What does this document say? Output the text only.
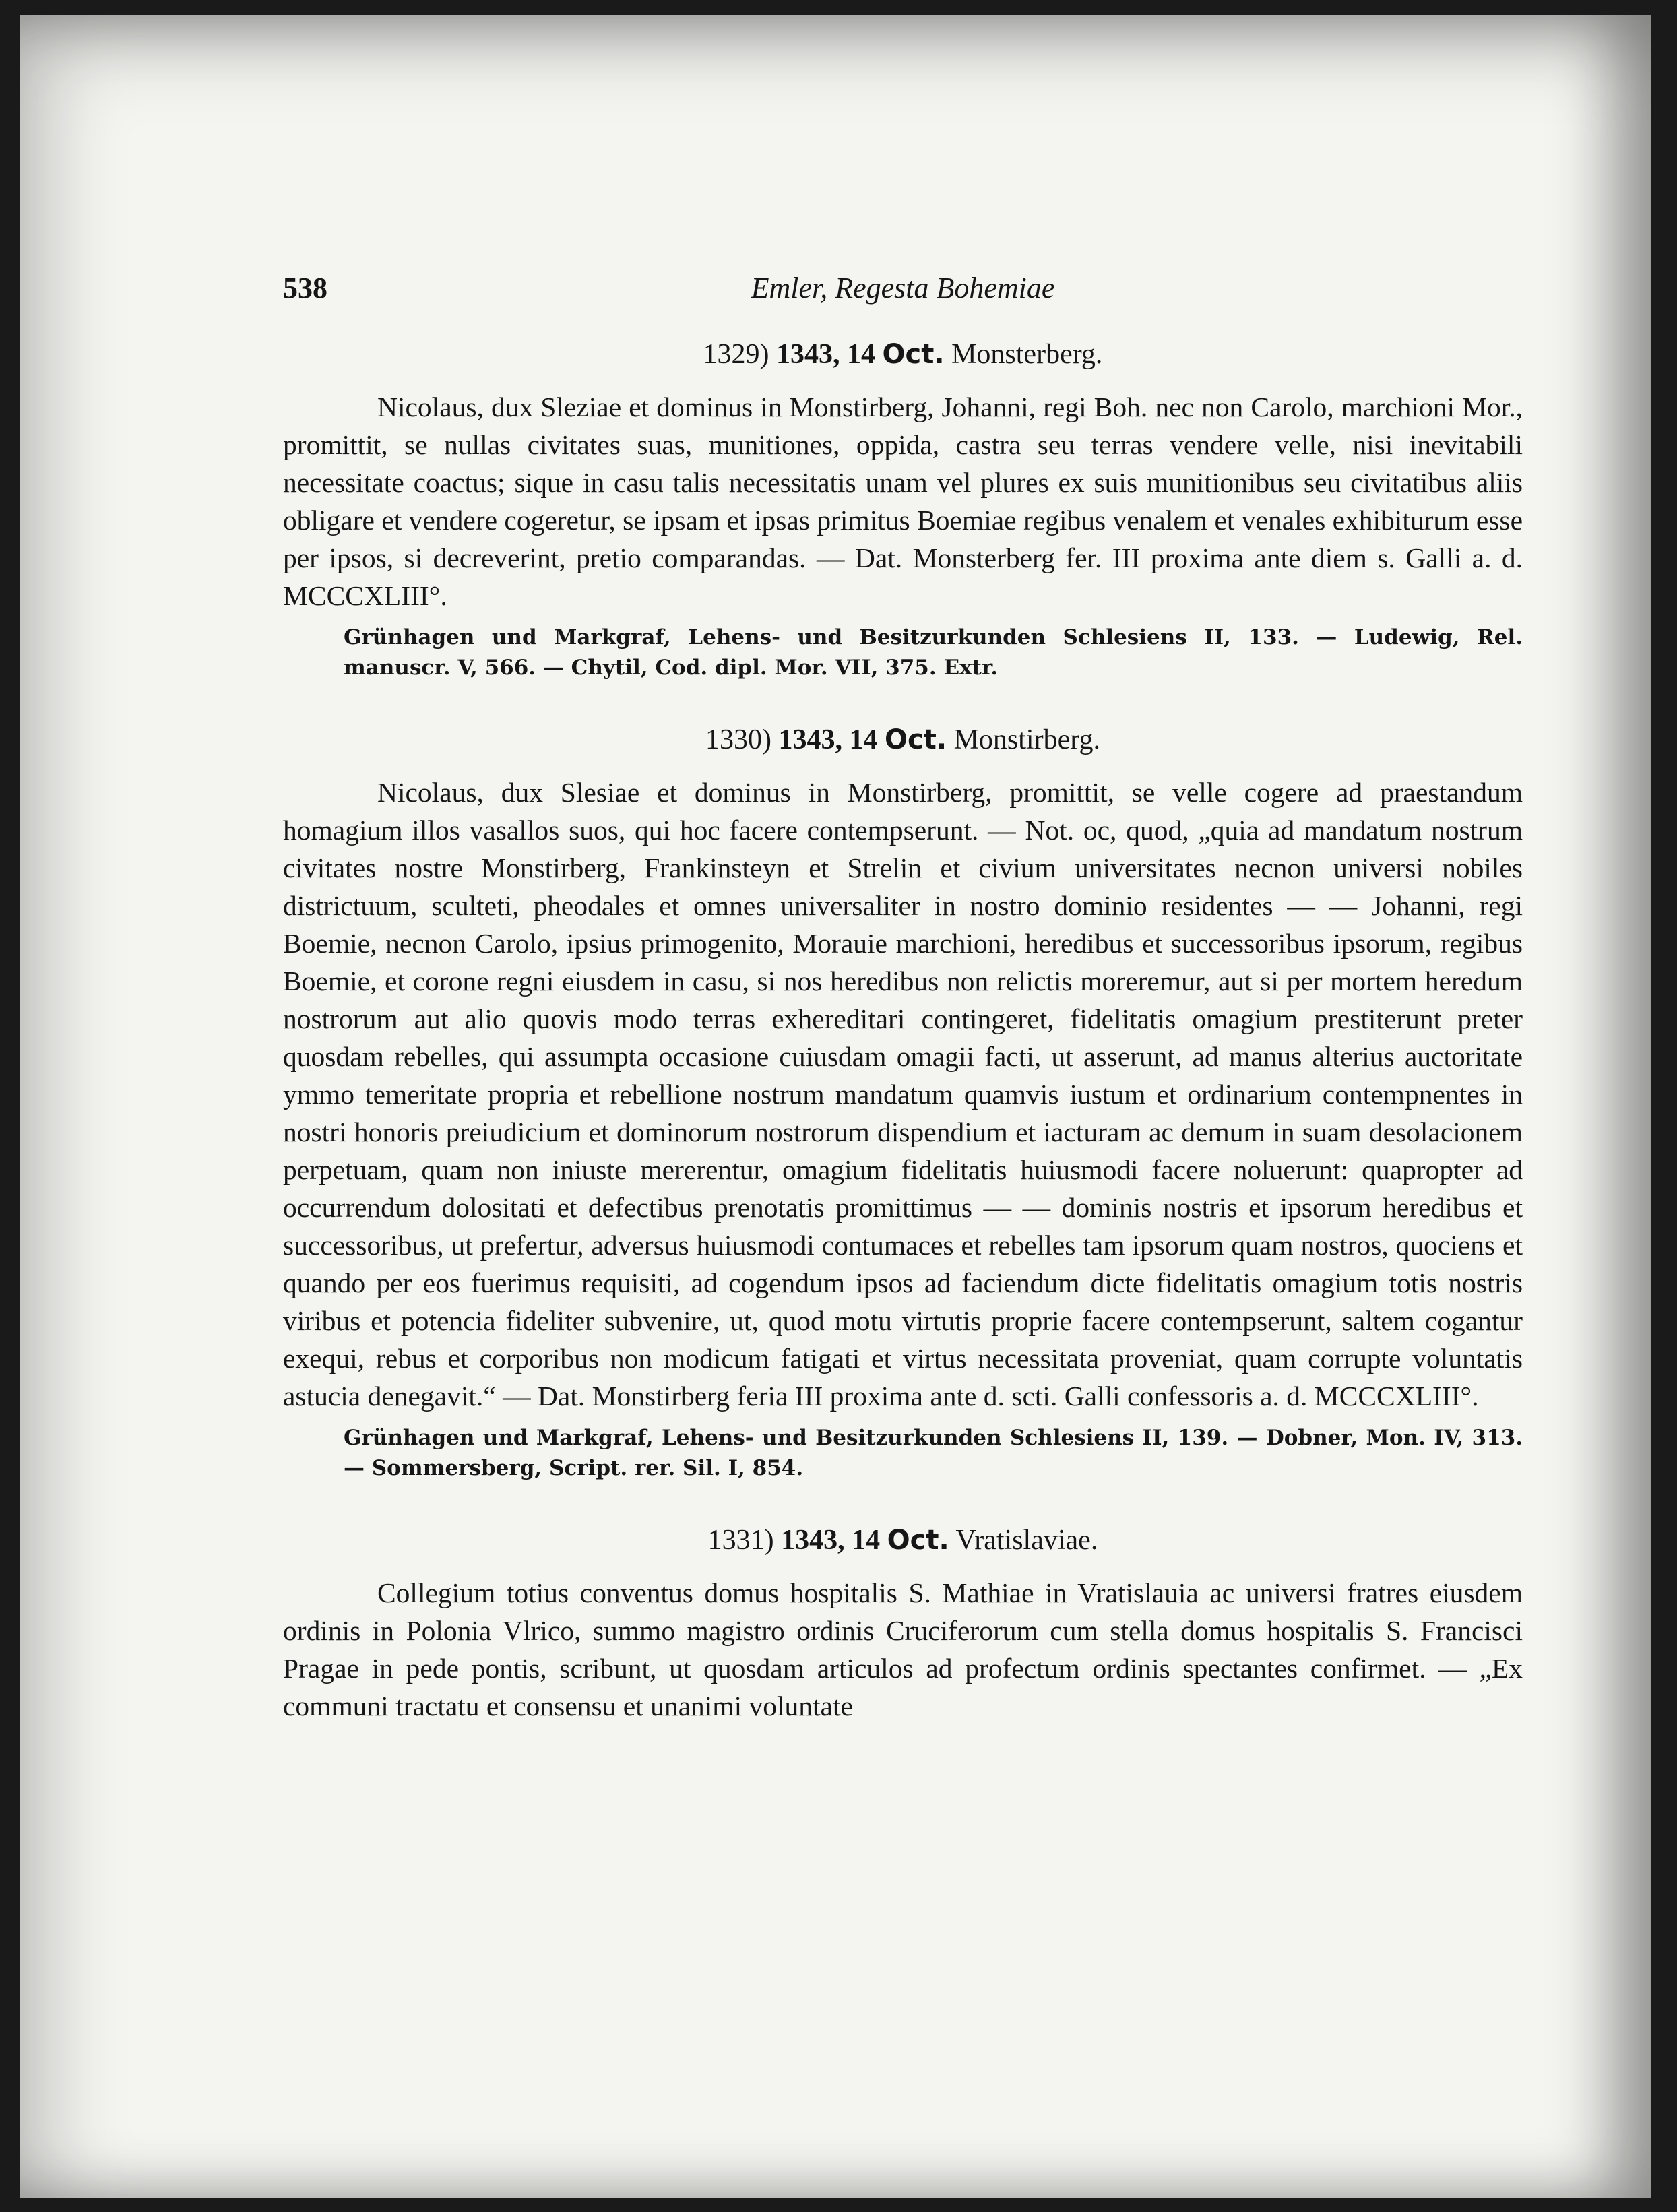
538	Emler, Regesta Bohemiae
1329) 1343, 14 Oct. Monsterberg.
Nicolaus, dux Sleziae et dominus in Monstirberg, Johanni, regi Boh. nec non Carolo, marchioni Mor., promittit, se nullas civitates suas, munitiones, oppida, castra seu terras vendere velle, nisi inevitabili necessitate coactus; sique in casu talis necessitatis unam vel plures ex suis munitionibus seu civitatibus aliis obligare et vendere cogeretur, se ipsam et ipsas primitus Boemiae regibus venalem et venales exhibiturum esse per ipsos, si decreverint, pretio comparandas. — Dat. Monsterberg fer. III proxima ante diem s. Galli a. d. MCCCXLIII°.
Grünhagen und Markgraf, Lehens- und Besitzurkunden Schlesiens II, 133. — Ludewig, Rel. manuscr. V, 566. — Chytil, Cod. dipl. Mor. VII, 375. Extr.
1330) 1343, 14 Oct. Monstirberg.
Nicolaus, dux Slesiae et dominus in Monstirberg, promittit, se velle cogere ad praestandum homagium illos vasallos suos, qui hoc facere contempserunt. — Not. oc, quod, „quia ad mandatum nostrum civitates nostre Monstirberg, Frankinsteyn et Strelin et civium universitates necnon universi nobiles districtuum, sculteti, pheodales et omnes universaliter in nostro dominio residentes — — Johanni, regi Boemie, necnon Carolo, ipsius primogenito, Morauie marchioni, heredibus et successoribus ipsorum, regibus Boemie, et corone regni eiusdem in casu, si nos heredibus non relictis moreremur, aut si per mortem heredum nostrorum aut alio quovis modo terras exhereditari contingeret, fidelitatis omagium prestiterunt preter quosdam rebelles, qui assumpta occasione cuiusdam omagii facti, ut asserunt, ad manus alterius auctoritate ymmo temeritate propria et rebellione nostrum mandatum quamvis iustum et ordinarium contempnentes in nostri honoris preiudicium et dominorum nostrorum dispendium et iacturam ac demum in suam desolacionem perpetuam, quam non iniuste mererentur, omagium fidelitatis huiusmodi facere noluerunt: quapropter ad occurrendum dolositati et defectibus prenotatis promittimus — — dominis nostris et ipsorum heredibus et successoribus, ut prefertur, adversus huiusmodi contumaces et rebelles tam ipsorum quam nostros, quociens et quando per eos fuerimus requisiti, ad cogendum ipsos ad faciendum dicte fidelitatis omagium totis nostris viribus et potencia fideliter subvenire, ut, quod motu virtutis proprie facere contempserunt, saltem cogantur exequi, rebus et corporibus non modicum fatigati et virtus necessitata proveniat, quam corrupte voluntatis astucia denegavit.“ — Dat. Monstirberg feria III proxima ante d. scti. Galli confessoris a. d. MCCCXLIII°.
Grünhagen und Markgraf, Lehens- und Besitzurkunden Schlesiens II, 139. — Dobner, Mon. IV, 313. — Sommersberg, Script. rer. Sil. I, 854.
1331) 1343, 14 Oct. Vratislaviae.
Collegium totius conventus domus hospitalis S. Mathiae in Vratislauia ac universi fratres eiusdem ordinis in Polonia Vlrico, summo magistro ordinis Cruciferorum cum stella domus hospitalis S. Francisci Pragae in pede pontis, scribunt, ut quosdam articulos ad profectum ordinis spectantes confirmet. — „Ex communi tractatu et consensu et unanimi voluntate
